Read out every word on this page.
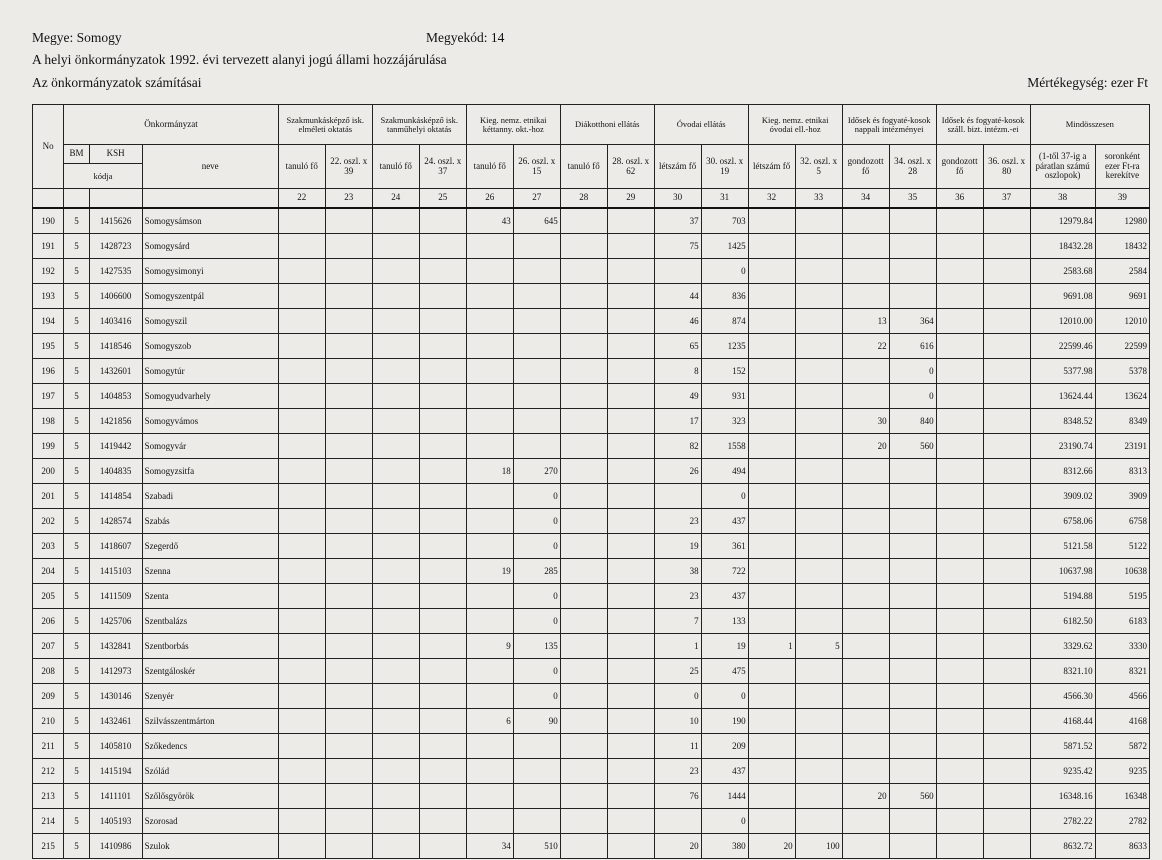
Megye: Somogy	Megyekód: 14
A helyi önkormányzatok 1992. évi tervezett alanyi jogú állami hozzájárulása
Az önkormányzatok számításai	Mértékegység: ezer Ft
No	Önkormányzat			Szakmunkásképző isk. elméleti oktatás		Szakmunkásképző isk. tanműhelyi oktatás		Kieg. nemz. etnikai kéttanny. okt.-hoz		Diákotthoni ellátás		Óvodai ellátás		Kieg. nemz. etnikai óvodai ell.-hoz		Idősek és fogyaté-kosok nappali intézményei		Idősek és fogyaté-kosok száll. bizt. intézm.-ei		Mindösszesen	
	BM	KSH	neve	tanuló fő	22. oszl. x 39	tanuló fő	24. oszl. x 37	tanuló fő	26. oszl. x 15	tanuló fő	28. oszl. x 62	létszám fő	30. oszl. x 19	létszám fő	32. oszl. x 5	gondozott fő	34. oszl. x 28	gondozott fő	36. oszl. x 80	(1-től 37-ig a páratlan számú oszlopok)	soronként ezer Ft-ra kerekítve
	kódja																				
				22	23	24	25	26	27	28	29	30	31	32	33	34	35	36	37	38	39
190	5	1415626	Somogysámson					43	645			37	703							12979.84	12980
191	5	1428723	Somogysárd									75	1425							18432.28	18432
192	5	1427535	Somogysimonyi										0							2583.68	2584
193	5	1406600	Somogyszentpál									44	836							9691.08	9691
194	5	1403416	Somogyszil									46	874			13	364			12010.00	12010
195	5	1418546	Somogyszob									65	1235			22	616			22599.46	22599
196	5	1432601	Somogytúr									8	152				0			5377.98	5378
197	5	1404853	Somogyudvarhely									49	931				0			13624.44	13624
198	5	1421856	Somogyvámos									17	323			30	840			8348.52	8349
199	5	1419442	Somogyvár									82	1558			20	560			23190.74	23191
200	5	1404835	Somogyzsitfa					18	270			26	494							8312.66	8313
201	5	1414854	Szabadi						0				0							3909.02	3909
202	5	1428574	Szabás						0			23	437							6758.06	6758
203	5	1418607	Szegerdő						0			19	361							5121.58	5122
204	5	1415103	Szenna					19	285			38	722							10637.98	10638
205	5	1411509	Szenta						0			23	437							5194.88	5195
206	5	1425706	Szentbalázs						0			7	133							6182.50	6183
207	5	1432841	Szentborbás					9	135			1	19	1	5					3329.62	3330
208	5	1412973	Szentgáloskér						0			25	475							8321.10	8321
209	5	1430146	Szenyér						0			0	0							4566.30	4566
210	5	1432461	Szilvásszentmárton					6	90			10	190							4168.44	4168
211	5	1405810	Szőkedencs									11	209							5871.52	5872
212	5	1415194	Szólád									23	437							9235.42	9235
213	5	1411101	Szőlősgyörök									76	1444			20	560			16348.16	16348
214	5	1405193	Szorosad										0							2782.22	2782
215	5	1410986	Szulok					34	510			20	380	20	100					8632.72	8633
